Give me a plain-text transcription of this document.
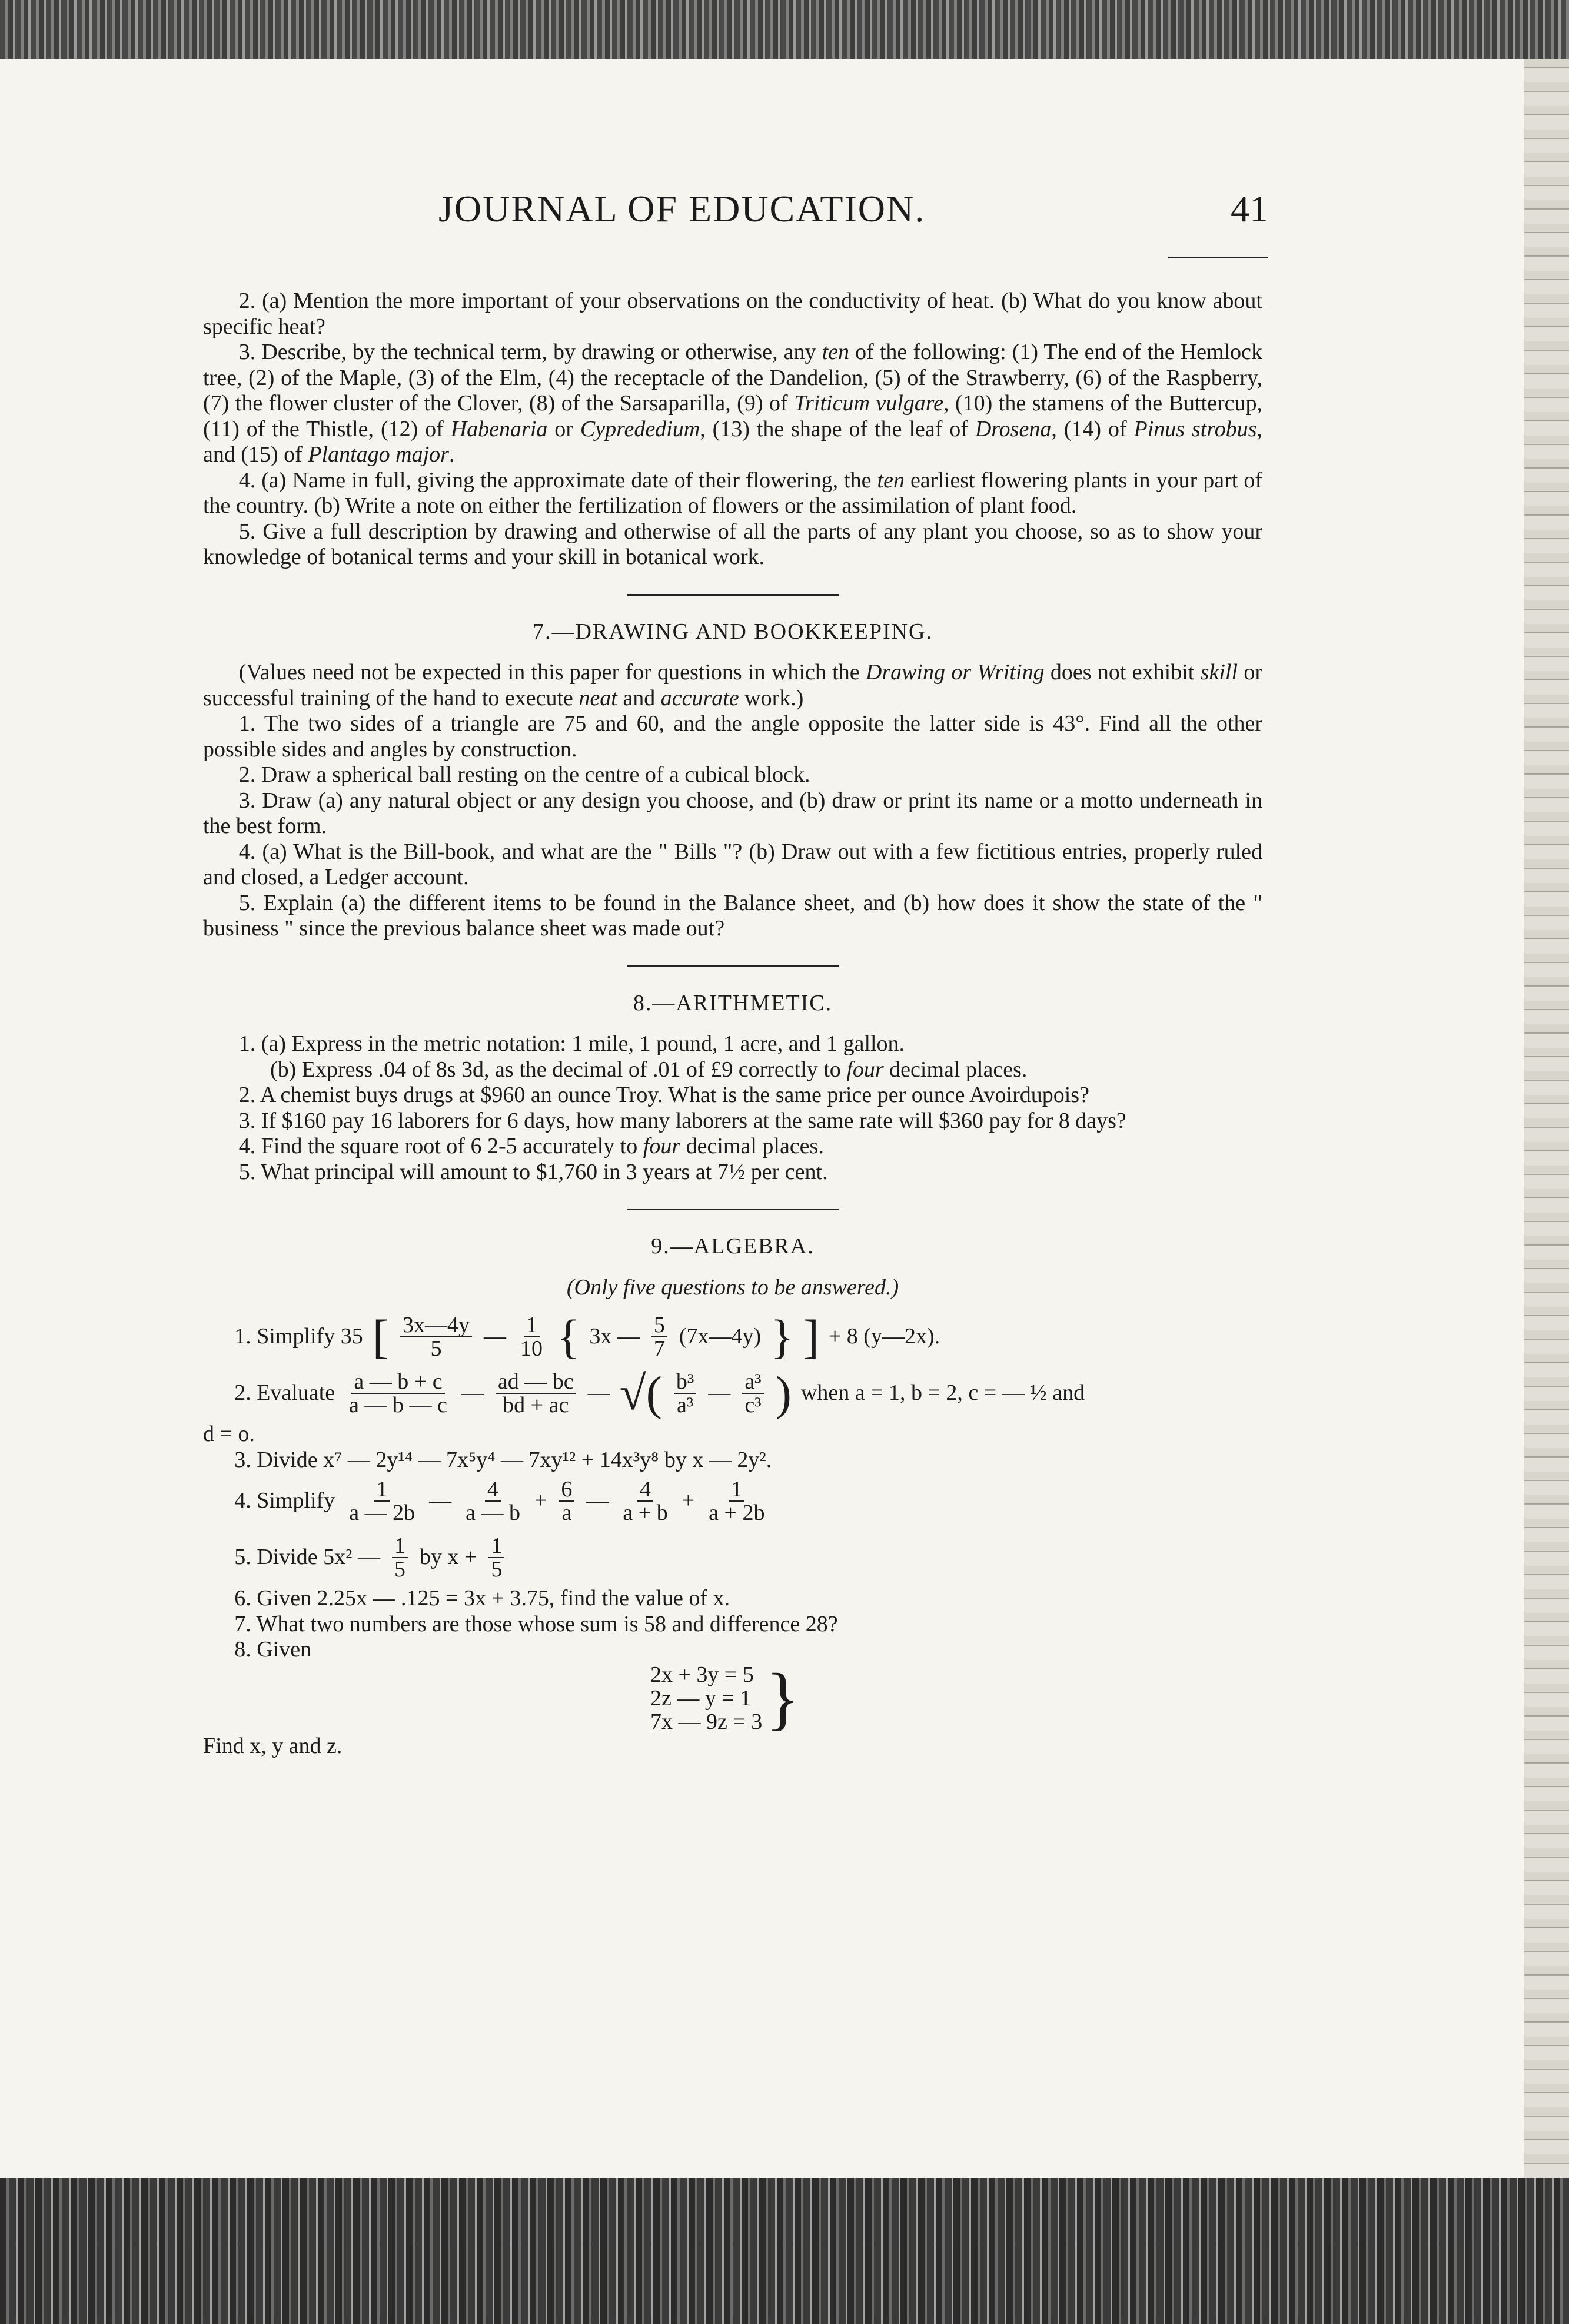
JOURNAL OF EDUCATION.	41

2. (a) Mention the more important of your observations on the conductivity of heat. (b) What do you know about specific heat?

3. Describe, by the technical term, by drawing or otherwise, any ten of the following: (1) The end of the Hemlock tree, (2) of the Maple, (3) of the Elm, (4) the receptacle of the Dandelion, (5) of the Strawberry, (6) of the Raspberry, (7) the flower cluster of the Clover, (8) of the Sarsaparilla, (9) of Triticum vulgare, (10) the stamens of the Buttercup, (11) of the Thistle, (12) of Habenaria or Cyprededium, (13) the shape of the leaf of Drosena, (14) of Pinus strobus, and (15) of Plantago major.

4. (a) Name in full, giving the approximate date of their flowering, the ten earliest flowering plants in your part of the country. (b) Write a note on either the fertilization of flowers or the assimilation of plant food.

5. Give a full description by drawing and otherwise of all the parts of any plant you choose, so as to show your knowledge of botanical terms and your skill in botanical work.

7.—DRAWING AND BOOKKEEPING.

(Values need not be expected in this paper for questions in which the Drawing or Writing does not exhibit skill or successful training of the hand to execute neat and accurate work.)

1. The two sides of a triangle are 75 and 60, and the angle opposite the latter side is 43°. Find all the other possible sides and angles by construction.

2. Draw a spherical ball resting on the centre of a cubical block.

3. Draw (a) any natural object or any design you choose, and (b) draw or print its name or a motto underneath in the best form.

4. (a) What is the Bill-book, and what are the " Bills "? (b) Draw out with a few fictitious entries, properly ruled and closed, a Ledger account.

5. Explain (a) the different items to be found in the Balance sheet, and (b) how does it show the state of the " business " since the previous balance sheet was made out?

8.—ARITHMETIC.

1. (a) Express in the metric notation: 1 mile, 1 pound, 1 acre, and 1 gallon.

(b) Express .04 of 8s 3d, as the decimal of .01 of £9 correctly to four decimal places.

2. A chemist buys drugs at $960 an ounce Troy. What is the same price per ounce Avoirdupois?

3. If $160 pay 16 laborers for 6 days, how many laborers at the same rate will $360 pay for 8 days?

4. Find the square root of 6 2-5 accurately to four decimal places.

5. What principal will amount to $1,760 in 3 years at 7½ per cent.

9.—ALGEBRA.
(Only five questions to be answered.)
1. Simplify 35 [ $\frac{3x—4y}{5}$ — $\frac{1}{10}$ { 3x — $\frac{5}{7}$ (7x—4y) } ] + 8 (y—2x).
2. Evaluate $\frac{a — b + c}{a — b — c}$ — $\frac{ad — bc}{bd + ac}$ — √( $\frac{\text{b³}}{\text{a³}}$ — $\frac{\text{a³}}{\text{c³}}$ ) when a = 1, b = 2, c = — ½ and

d = o.

3. Divide x⁷ — 2y¹⁴ — 7x⁵y⁴ — 7xy¹² + 14x³y⁸ by x — 2y².

4. Simplify $\frac{1}{a — 2b}$ — $\frac{4}{a — b} + \frac{6}{a}$ — $\frac{4}{a + b} + \frac{1}{a + 2b}$
5. Divide 5x² — $\frac{1}{5}$ by $x + \frac{1}{5}$

6. Given 2.25x — .125 = 3x + 3.75, find the value of x.

7. What two numbers are those whose sum is 58 and difference 28?

8. Given

2x + 3y = 5
2z — y = 1
7x — 9z = 3 }

Find x, y and z.
